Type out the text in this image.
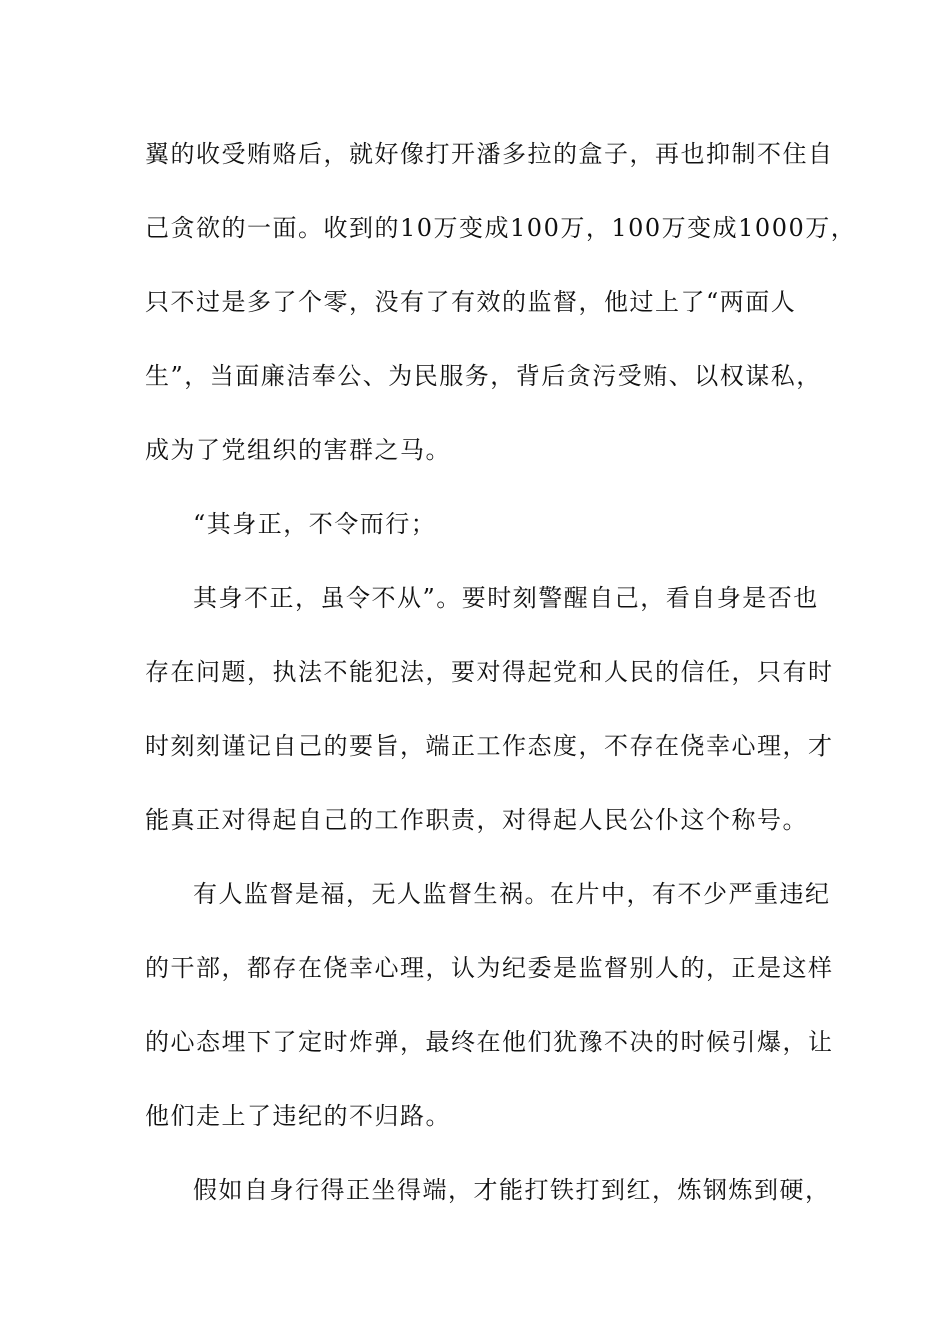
翼的收受贿赂后，就好像打开潘多拉的盒子，再也抑制不住自
己贪欲的一面。收到的10万变成100万，100万变成1000万，
只不过是多了个零，没有了有效的监督，他过上了“两面人
生”，当面廉洁奉公、为民服务，背后贪污受贿、以权谋私，
成为了党组织的害群之马。
“其身正，不令而行；
其身不正，虽令不从”。要时刻警醒自己，看自身是否也
存在问题，执法不能犯法，要对得起党和人民的信任，只有时
时刻刻谨记自己的要旨，端正工作态度，不存在侥幸心理，才
能真正对得起自己的工作职责，对得起人民公仆这个称号。
有人监督是福，无人监督生祸。在片中，有不少严重违纪
的干部，都存在侥幸心理，认为纪委是监督别人的，正是这样
的心态埋下了定时炸弹，最终在他们犹豫不决的时候引爆，让
他们走上了违纪的不归路。
假如自身行得正坐得端，才能打铁打到红，炼钢炼到硬，
